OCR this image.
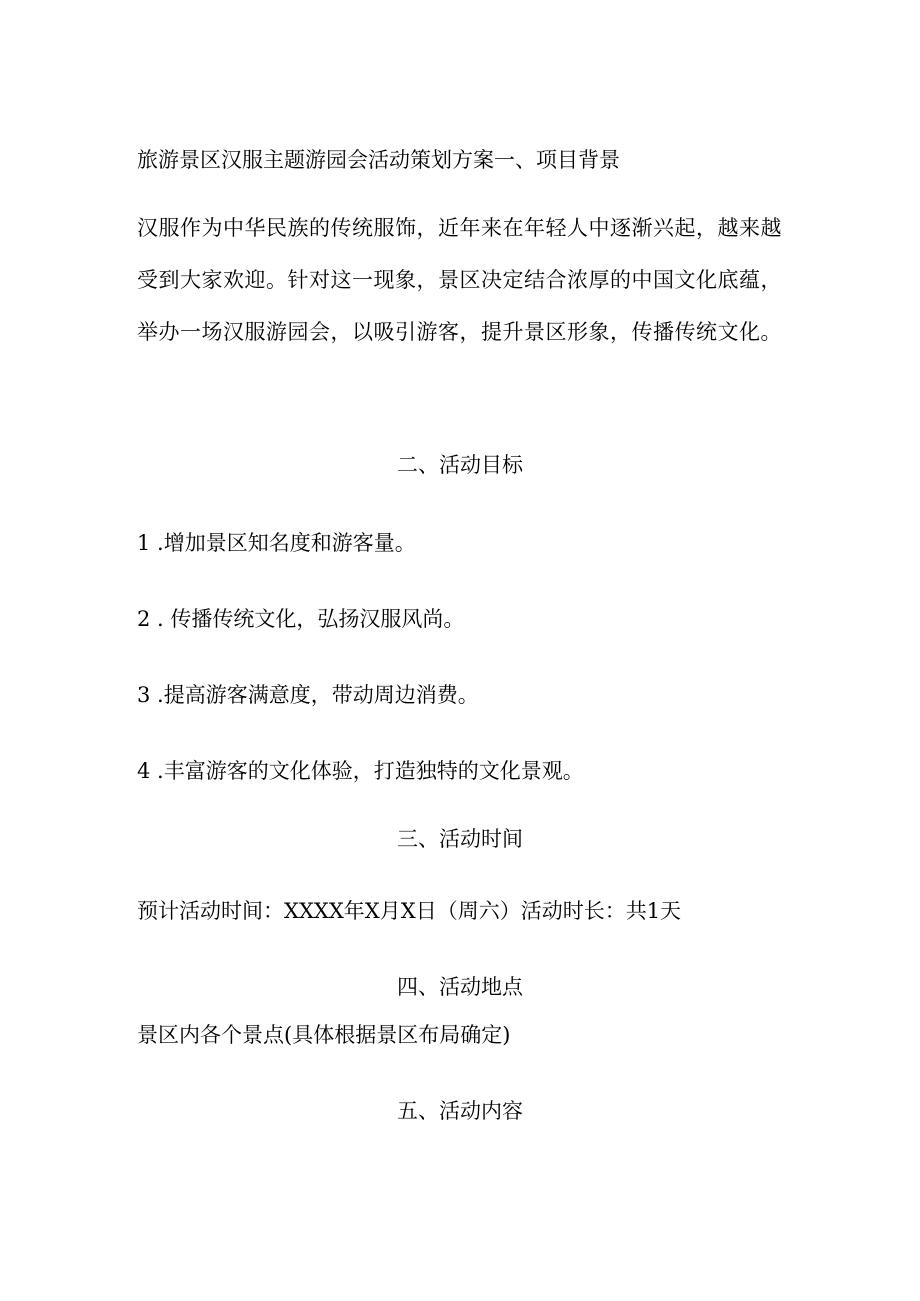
旅游景区汉服主题游园会活动策划方案一、项目背景
汉服作为中华民族的传统服饰，近年来在年轻人中逐渐兴起，越来越
受到大家欢迎。针对这一现象，景区决定结合浓厚的中国文化底蕴，
举办一场汉服游园会，以吸引游客，提升景区形象，传播传统文化。
二、活动目标
1 .增加景区知名度和游客量。
2 . 传播传统文化，弘扬汉服风尚。
3 .提高游客满意度，带动周边消费。
4 .丰富游客的文化体验，打造独特的文化景观。
三、活动时间
预计活动时间：XXXX年X月X日（周六）活动时长：共1天
四、活动地点
景区内各个景点(具体根据景区布局确定)
五、活动内容
